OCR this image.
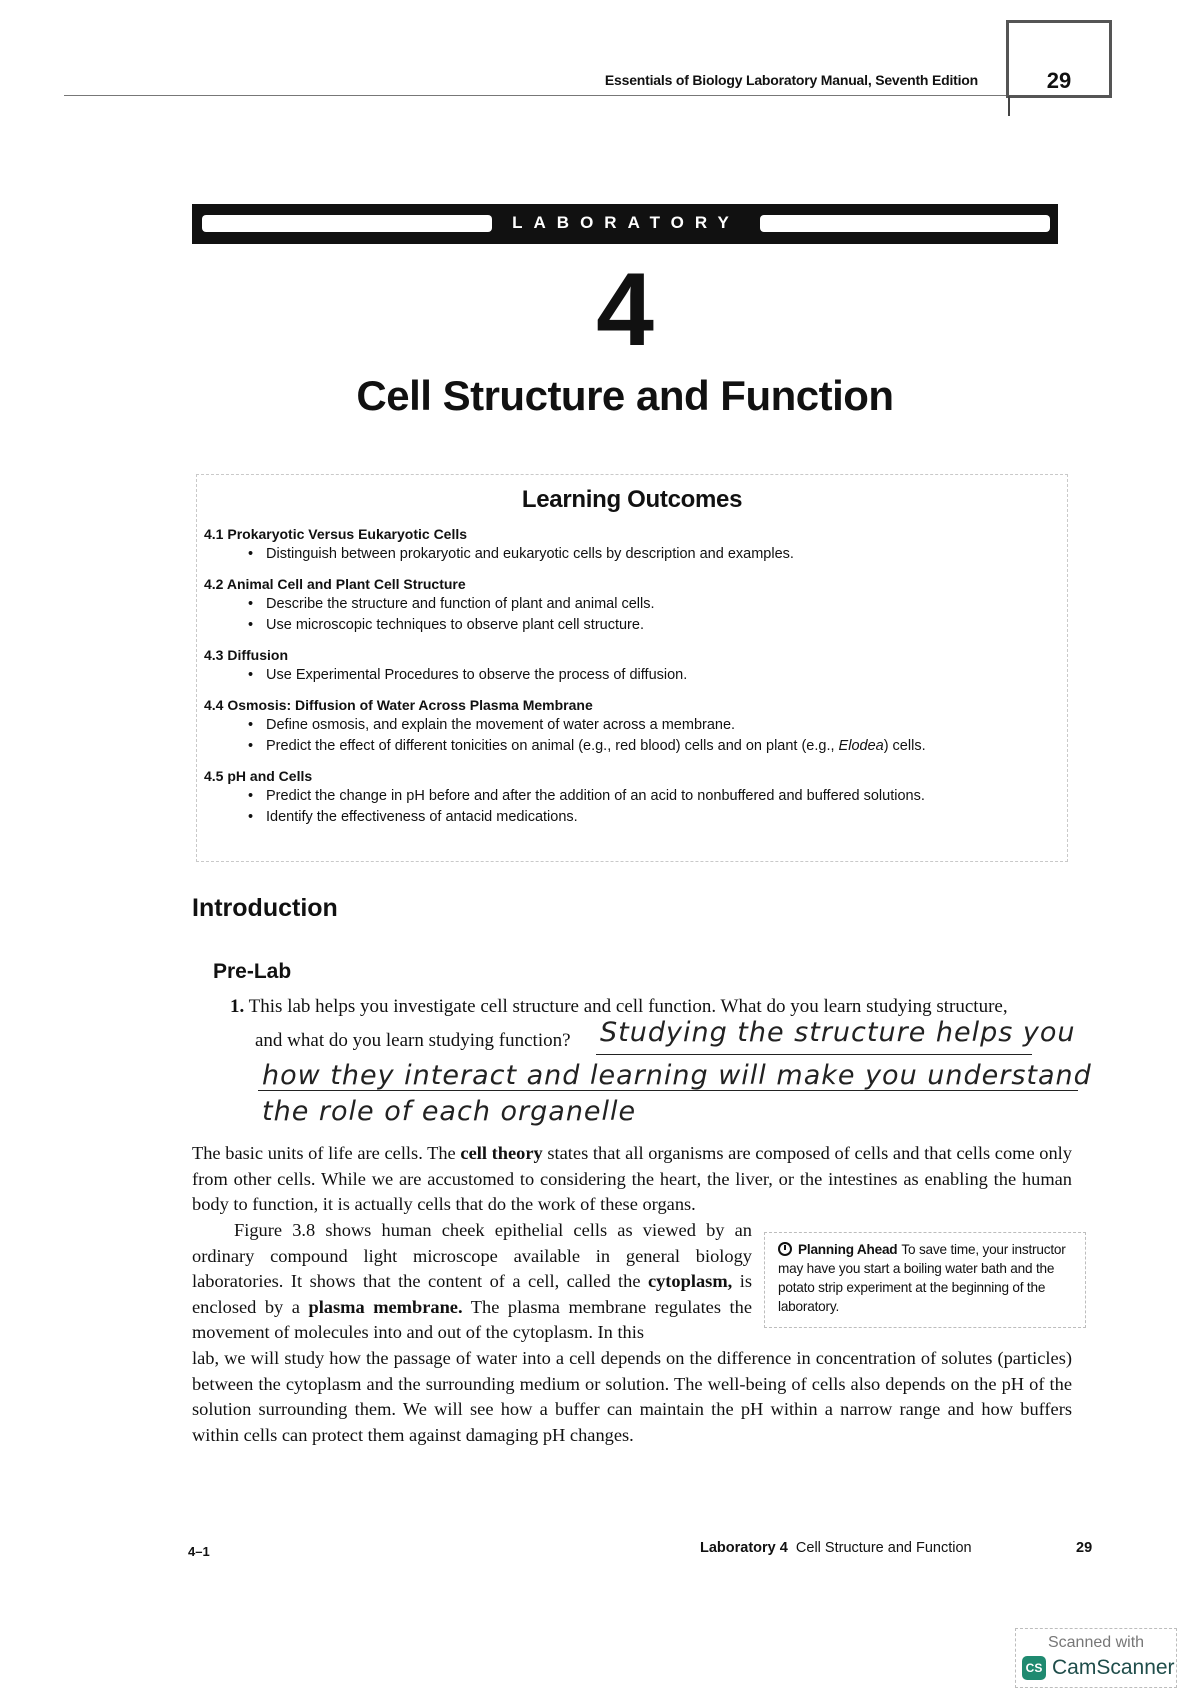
Essentials of Biology Laboratory Manual, Seventh Edition	29
LABORATORY
4
Cell Structure and Function
Learning Outcomes
4.1 Prokaryotic Versus Eukaryotic Cells
• Distinguish between prokaryotic and eukaryotic cells by description and examples.
4.2 Animal Cell and Plant Cell Structure
• Describe the structure and function of plant and animal cells.
• Use microscopic techniques to observe plant cell structure.
4.3 Diffusion
• Use Experimental Procedures to observe the process of diffusion.
4.4 Osmosis: Diffusion of Water Across Plasma Membrane
• Define osmosis, and explain the movement of water across a membrane.
• Predict the effect of different tonicities on animal (e.g., red blood) cells and on plant (e.g., Elodea) cells.
4.5 pH and Cells
• Predict the change in pH before and after the addition of an acid to nonbuffered and buffered solutions.
• Identify the effectiveness of antacid medications.
Introduction
Pre-Lab
1. This lab helps you investigate cell structure and cell function. What do you learn studying structure,
and what do you learn studying function? Studying the structure helps you
how they interact and learning will make you understand
the role of each organelle
The basic units of life are cells. The cell theory states that all organisms are composed of cells and that cells come only from other cells. While we are accustomed to considering the heart, the liver, or the intestines as enabling the human body to function, it is actually cells that do the work of these organs.
Figure 3.8 shows human cheek epithelial cells as viewed by an ordinary compound light microscope available in general biology laboratories. It shows that the content of a cell, called the cytoplasm, is enclosed by a plasma membrane. The plasma membrane regulates the movement of molecules into and out of the cytoplasm. In this
lab, we will study how the passage of water into a cell depends on the difference in concentration of solutes (particles) between the cytoplasm and the surrounding medium or solution. The well-being of cells also depends on the pH of the solution surrounding them. We will see how a buffer can maintain the pH within a narrow range and how buffers within cells can protect them against damaging pH changes.
Planning Ahead To save time, your instructor may have you start a boiling water bath and the potato strip experiment at the beginning of the laboratory.
4–1	Laboratory 4 Cell Structure and Function	29
Scanned with
CS CamScanner
